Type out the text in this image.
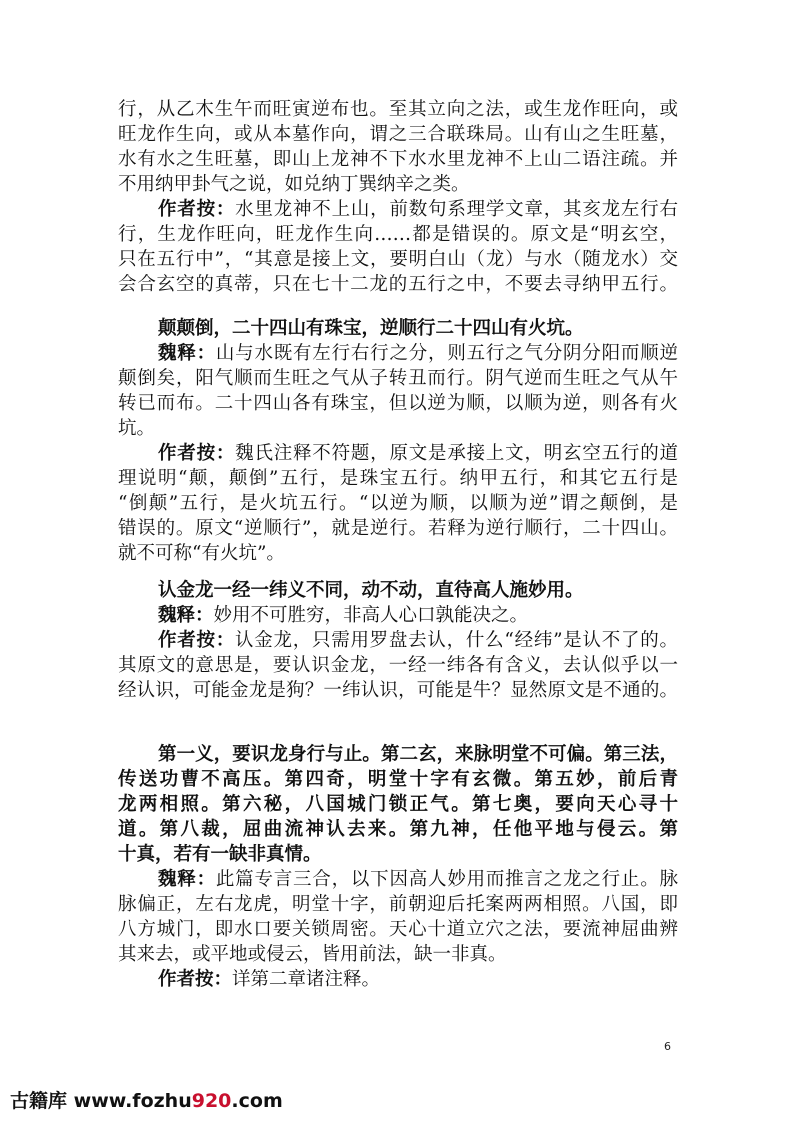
行，从乙木生午而旺寅逆布也。至其立向之法，或生龙作旺向，或
旺龙作生向，或从本墓作向，谓之三合联珠局。山有山之生旺墓，
水有水之生旺墓，即山上龙神不下水水里龙神不上山二语注疏。并
不用纳甲卦气之说，如兑纳丁巽纳辛之类。
作者按：水里龙神不上山，前数句系理学文章，其亥龙左行右
行，生龙作旺向，旺龙作生向……都是错误的。原文是“明玄空，
只在五行中”，“其意是接上文，要明白山（龙）与水（随龙水）交
会合玄空的真蒂，只在七十二龙的五行之中，不要去寻纳甲五行。
颠颠倒，二十四山有珠宝，逆顺行二十四山有火坑。
魏释：山与水既有左行右行之分，则五行之气分阴分阳而顺逆
颠倒矣，阳气顺而生旺之气从子转丑而行。阴气逆而生旺之气从午
转已而布。二十四山各有珠宝，但以逆为顺，以顺为逆，则各有火
坑。
作者按：魏氏注释不符题，原文是承接上文，明玄空五行的道
理说明“颠，颠倒”五行，是珠宝五行。纳甲五行，和其它五行是
“倒颠”五行，是火坑五行。“以逆为顺，以顺为逆”谓之颠倒，是
错误的。原文“逆顺行”，就是逆行。若释为逆行顺行，二十四山。
就不可称“有火坑”。
认金龙一经一纬义不同，动不动，直待高人施妙用。
魏释：妙用不可胜穷，非高人心口孰能决之。
作者按：认金龙，只需用罗盘去认，什么“经纬”是认不了的。
其原文的意思是，要认识金龙，一经一纬各有含义，去认似乎以一
经认识，可能金龙是狗？一纬认识，可能是牛？显然原文是不通的。
第一义，要识龙身行与止。第二玄，来脉明堂不可偏。第三法，
传送功曹不高压。第四奇，明堂十字有玄微。第五妙，前后青
龙两相照。第六秘，八国城门锁正气。第七奥，要向天心寻十
道。第八裁，屈曲流神认去来。第九神，任他平地与侵云。第
十真，若有一缺非真情。
魏释：此篇专言三合，以下因高人妙用而推言之龙之行止。脉
脉偏正，左右龙虎，明堂十字，前朝迎后托案两两相照。八国，即
八方城门，即水口要关锁周密。天心十道立穴之法，要流神屈曲辨
其来去，或平地或侵云，皆用前法，缺一非真。
作者按：详第二章诸注释。
6
古籍库 www.fozhu920.com
